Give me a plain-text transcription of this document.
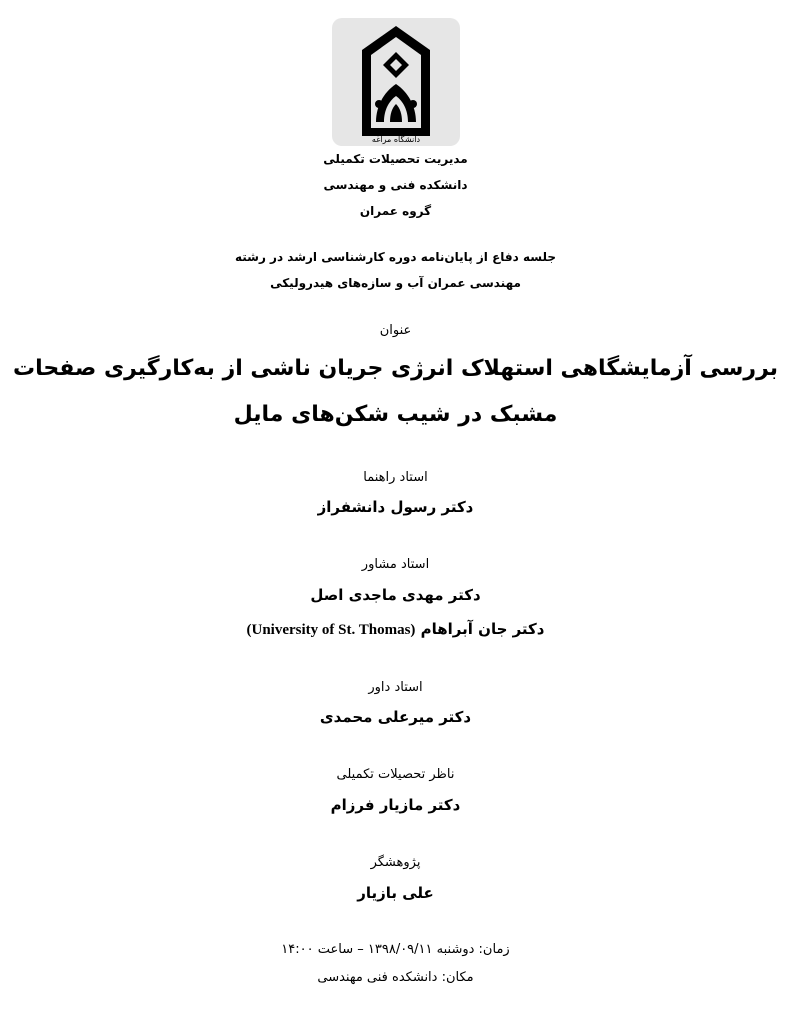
دانشگاه مراغه
مدیریت تحصیلات تکمیلی
دانشکده فنی و مهندسی
گروه عمران
جلسه دفاع از پایان‌نامه دوره کارشناسی ارشد در رشته
مهندسی عمران آب و سازه‌های هیدرولیکی
عنوان
بررسی آزمایشگاهی استهلاک انرژی جریان ناشی از به‌کارگیری صفحات
مشبک در شیب شکن‌های مایل
استاد راهنما
دکتر رسول دانشفراز
استاد مشاور
دکتر مهدی ماجدی اصل
دکتر جان آبراهام (University of St. Thomas)
استاد داور
دکتر میرعلی محمدی
ناظر تحصیلات تکمیلی
دکتر مازیار فرزام
پژوهشگر
علی بازیار
زمان: دوشنبه ۱۳۹۸/۰۹/۱۱ – ساعت ۱۴:۰۰
مکان: دانشکده فنی مهندسی
